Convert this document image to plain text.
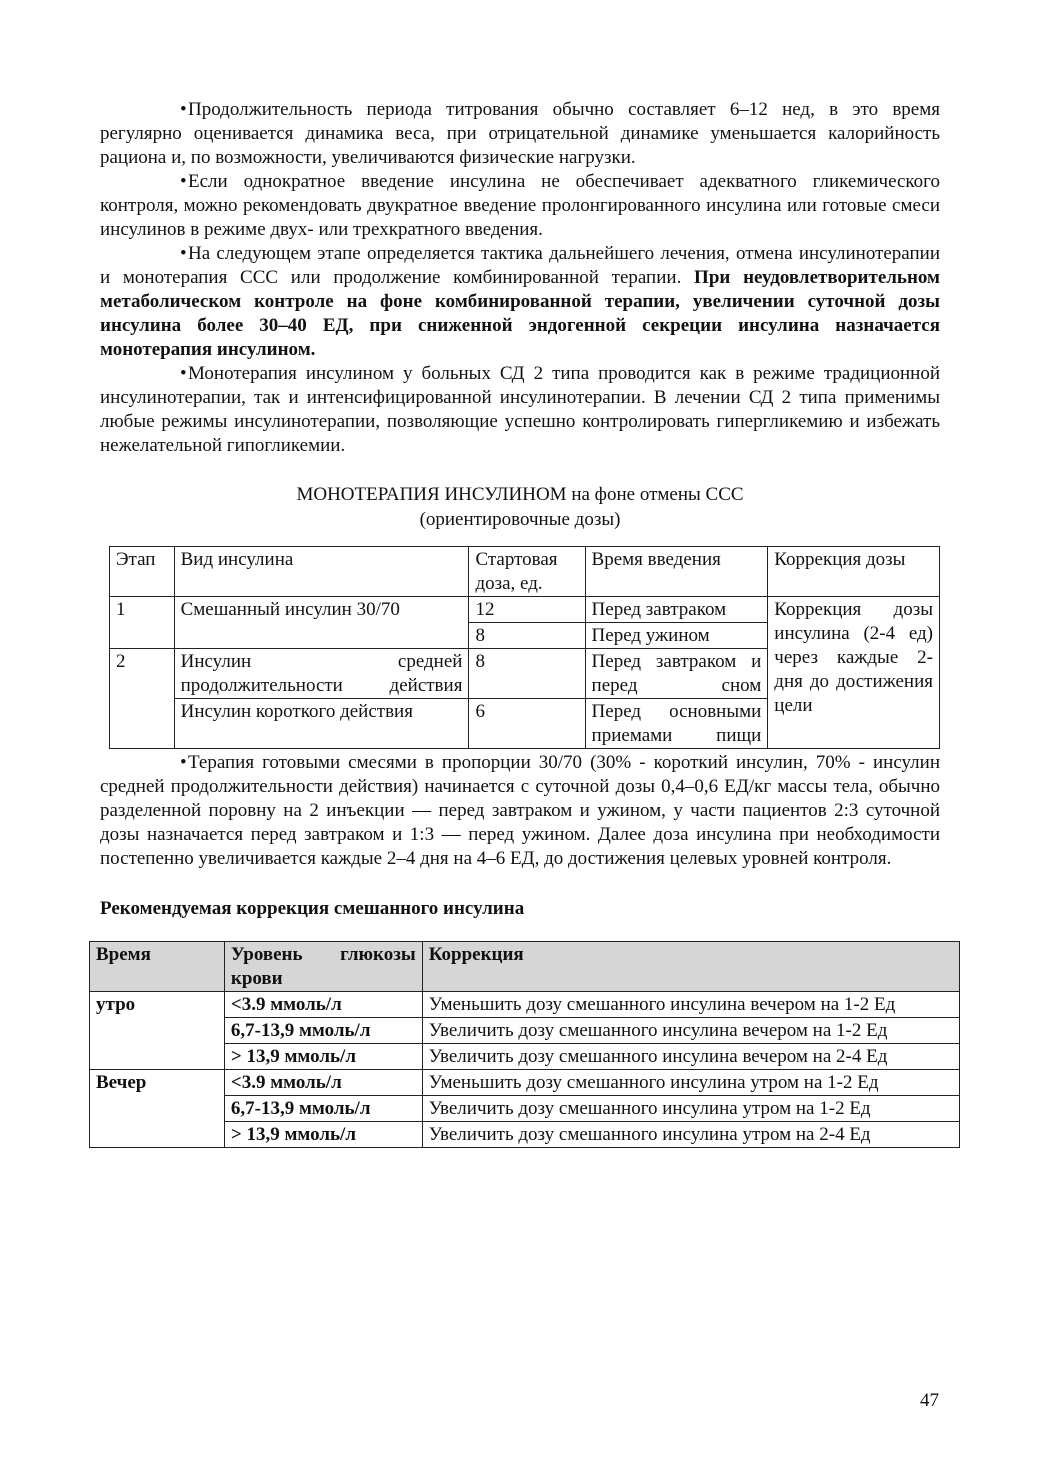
• Продолжительность периода титрования обычно составляет 6–12 нед, в это время регулярно оценивается динамика веса, при отрицательной динамике уменьшается калорийность рациона и, по возможности, увеличиваются физические нагрузки.

• Если однократное введение инсулина не обеспечивает адекватного гликемического контроля, можно рекомендовать двукратное введение пролонгированного инсулина или готовые смеси инсулинов в режиме двух- или трехкратного введения.

• На следующем этапе определяется тактика дальнейшего лечения, отмена инсулинотерапии и монотерапия ССС или продолжение комбинированной терапии. При неудовлетворительном метаболическом контроле на фоне комбинированной терапии, увеличении суточной дозы инсулина более 30–40 ЕД, при сниженной эндогенной секреции инсулина назначается монотерапия инсулином.

• Монотерапия инсулином у больных СД 2 типа проводится как в режиме традиционной инсулинотерапии, так и интенсифицированной инсулинотерапии. В лечении СД 2 типа применимы любые режимы инсулинотерапии, позволяющие успешно контролировать гипергликемию и избежать нежелательной гипогликемии.

МОНОТЕРАПИЯ ИНСУЛИНОМ на фоне отмены ССС
(ориентировочные дозы)
Этап	Вид инсулина	Стартовая доза, ед.	Время введения	Коррекция дозы
1	Смешанный инсулин 30/70	12	Перед завтраком	Коррекция дозы инсулина (2-4 ед) через каждые 2- дня до достижения цели
		8	Перед ужином	
2	Инсулин средней продолжительности действия	8	Перед завтраком и перед сном	
	Инсулин короткого действия	6	Перед основными приемами пищи	

• Терапия готовыми смесями в пропорции 30/70 (30% - короткий инсулин, 70% - инсулин средней продолжительности действия) начинается с суточной дозы 0,4–0,6 ЕД/кг массы тела, обычно разделенной поровну на 2 инъекции — перед завтраком и ужином, у части пациентов 2:3 суточной дозы назначается перед завтраком и 1:3 — перед ужином. Далее доза инсулина при необходимости постепенно увеличивается каждые 2–4 дня на 4–6 ЕД, до достижения целевых уровней контроля.

Рекомендуемая коррекция смешанного инсулина
Время	Уровень глюкозы крови	Коррекция
утро	<3.9 ммоль/л	Уменьшить дозу смешанного инсулина вечером на 1-2 Ед
	6,7-13,9 ммоль/л	Увеличить дозу смешанного инсулина вечером на 1-2 Ед
	> 13,9 ммоль/л	Увеличить дозу смешанного инсулина вечером на 2-4 Ед
Вечер	<3.9 ммоль/л	Уменьшить дозу смешанного инсулина утром на 1-2 Ед
	6,7-13,9 ммоль/л	Увеличить дозу смешанного инсулина утром на 1-2 Ед
	> 13,9 ммоль/л	Увеличить дозу смешанного инсулина утром на 2-4 Ед
47
